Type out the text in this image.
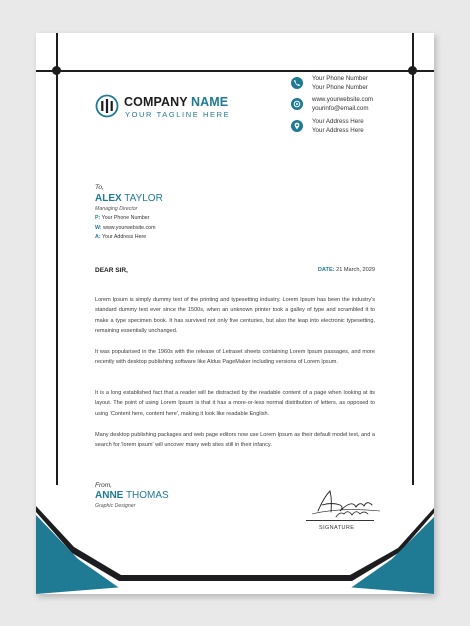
COMPANY NAME
YOUR TAGLINE HERE
Your Phone Number
Your Phone Number
www.yourwebsite.com
yourinfo@email.com
Your Address Here
Your Address Here
To,
ALEX TAYLOR
Managing Director
P: Your Phone Number
W: www.yourwebsite.com
A: Your Address Here
DEAR SIR,	DATE: 21 March, 2029

Lorem Ipsum is simply dummy text of the printing and typesetting industry. Lorem Ipsum has been the industry's standard dummy text ever since the 1500s, when an unknown printer took a galley of type and scrambled it to make a type specimen book. It has survived not only five centuries, but also the leap into electronic typesetting, remaining essentially unchanged.

It was popularised in the 1960s with the release of Letraset sheets containing Lorem Ipsum passages, and more recently with desktop publishing software like Aldus PageMaker including versions of Lorem Ipsum.

It is a long established fact that a reader will be distracted by the readable content of a page when looking at its layout. The point of using Lorem Ipsum is that it has a more-or-less normal distribution of letters, as opposed to using 'Content here, content here', making it look like readable English.

Many desktop publishing packages and web page editors now use Lorem Ipsum as their default model text, and a search for 'lorem ipsum' will uncover many web sites still in their infancy.

From,
ANNE THOMAS
Graphic Designer
SIGNATURE
